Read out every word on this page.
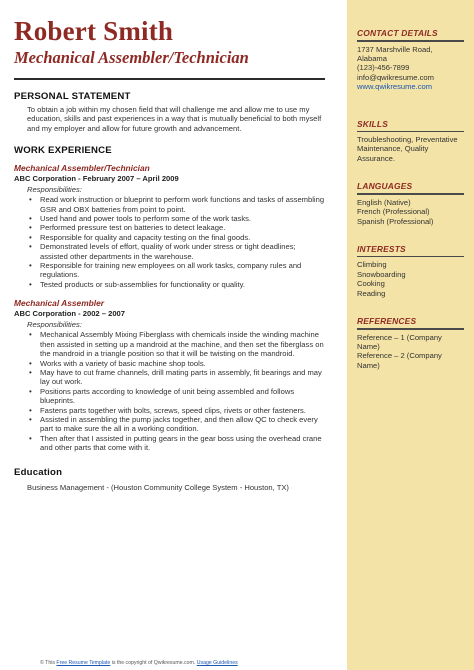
Robert Smith
Mechanical Assembler/Technician
PERSONAL STATEMENT
To obtain a job within my chosen field that will challenge me and allow me to use my education, skills and past experiences in a way that is mutually beneficial to both myself and my employer and allow for future growth and advancement.
WORK EXPERIENCE
Mechanical Assembler/Technician
ABC Corporation - February 2007 – April 2009
Responsibilities:
• Read work instruction or blueprint to perform work functions and tasks of assembling GSR and OBX batteries from point to point.
• Used hand and power tools to perform some of the work tasks.
• Performed pressure test on batteries to detect leakage.
• Responsible for quality and capacity testing on the final goods.
• Demonstrated levels of effort, quality of work under stress or tight deadlines; assisted other departments in the warehouse.
• Responsible for training new employees on all work tasks, company rules and regulations.
• Tested products or sub-assemblies for functionality or quality.
Mechanical Assembler
ABC Corporation - 2002 – 2007
Responsibilities:
• Mechanical Assembly Mixing Fiberglass with chemicals inside the winding machine then assisted in setting up a mandroid at the machine, and then set the fiberglass on the mandroid in a triangle position so that it will be twisting on the mandroid.
• Works with a variety of basic machine shop tools.
• May have to cut frame channels, drill mating parts in assembly, fit bearings and may lay out work.
• Positions parts according to knowledge of unit being assembled and follows blueprints.
• Fastens parts together with bolts, screws, speed clips, rivets or other fasteners.
• Assisted in assembling the pump jacks together, and then allow QC to check every part to make sure the all in a working condition.
• Then after that I assisted in putting gears in the gear boss using the overhead crane and other parts that come with it.
Education
Business Management - (Houston Community College System - Houston, TX)
© This Free Resume Template is the copyright of Qwikresume.com. Usage Guidelines
CONTACT DETAILS
1737 Marshville Road,
Alabama
(123)-456-7899
info@qwikresume.com
www.qwikresume.com
SKILLS
Troubleshooting, Preventative Maintenance, Quality Assurance.
LANGUAGES
English (Native)
French (Professional)
Spanish (Professional)
INTERESTS
Climbing
Snowboarding
Cooking
Reading
REFERENCES
Reference – 1 (Company Name)
Reference – 2 (Company Name)
